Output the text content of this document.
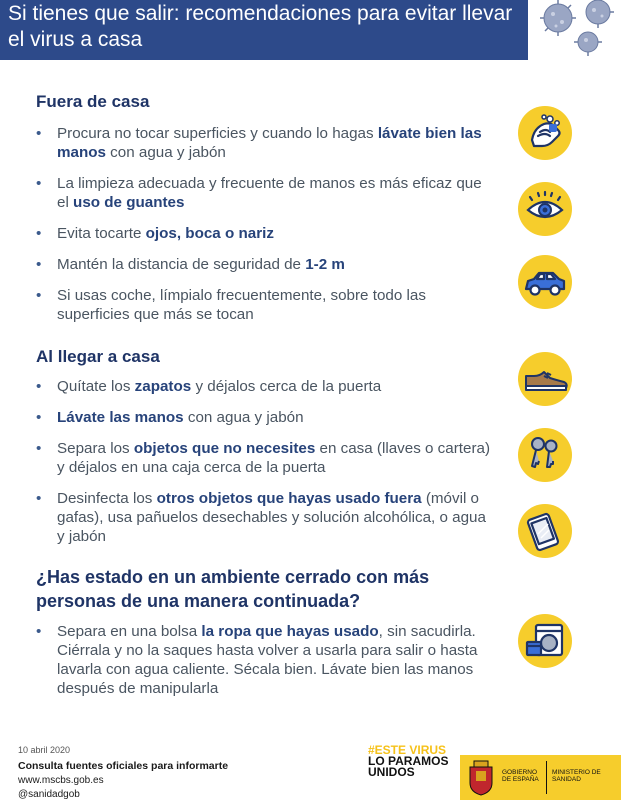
Si tienes que salir: recomendaciones para evitar llevar el virus a casa
Fuera de casa
• Procura no tocar superficies y cuando lo hagas lávate bien las manos con agua y jabón
• La limpieza adecuada y frecuente de manos es más eficaz que el uso de guantes
• Evita tocarte ojos, boca o nariz
• Mantén la distancia de seguridad de 1-2 m
• Si usas coche, límpialo frecuentemente, sobre todo las superficies que más se tocan
Al llegar a casa
• Quítate los zapatos y déjalos cerca de la puerta
• Lávate las manos con agua y jabón
• Separa los objetos que no necesites en casa (llaves o cartera) y déjalos en una caja cerca de la puerta
• Desinfecta los otros objetos que hayas usado fuera (móvil o gafas), usa pañuelos desechables y solución alcohólica, o agua y jabón
¿Has estado en un ambiente cerrado con más personas de una manera continuada?
• Separa en una bolsa la ropa que hayas usado, sin sacudirla. Ciérrala y no la saques hasta volver a usarla para salir o hasta lavarla con agua caliente. Sécala bien. Lávate bien las manos después de manipularla
10 abril 2020
Consulta fuentes oficiales para informarte
www.mscbs.gob.es
@sanidadgob
#ESTE VIRUS
LO PARAMOS UNIDOS	GOBIERNO DE ESPAÑA
MINISTERIO DE SANIDAD
